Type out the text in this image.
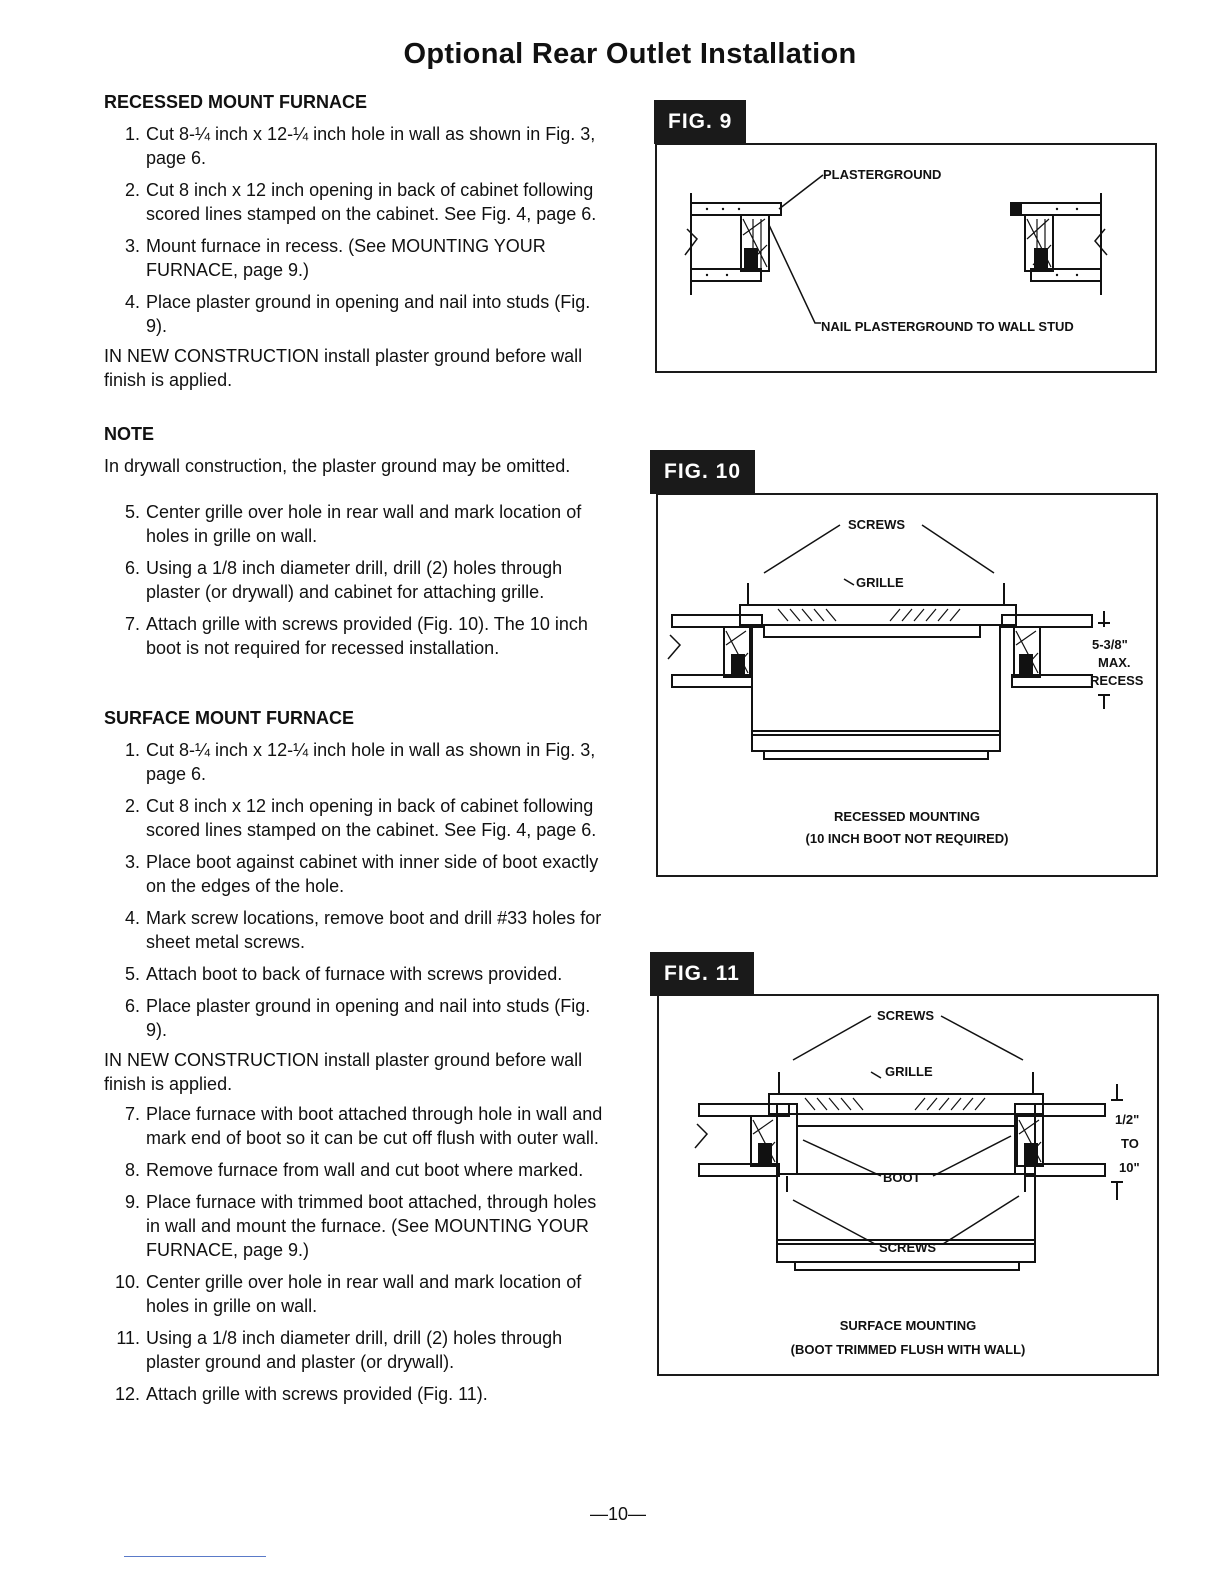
Optional Rear Outlet Installation

RECESSED MOUNT FURNACE

1. Cut 8-¼ inch x 12-¼ inch hole in wall as shown in Fig. 3, page 6.
2. Cut 8 inch x 12 inch opening in back of cabinet following scored lines stamped on the cabinet. See Fig. 4, page 6.
3. Mount furnace in recess. (See MOUNTING YOUR FURNACE, page 9.)
4. Place plaster ground in opening and nail into studs (Fig. 9).

IN NEW CONSTRUCTION install plaster ground before wall finish is applied.

NOTE

In drywall construction, the plaster ground may be omitted.

5. Center grille over hole in rear wall and mark location of holes in grille on wall.
6. Using a 1/8 inch diameter drill, drill (2) holes through plaster (or drywall) and cabinet for attaching grille.
7. Attach grille with screws provided (Fig. 10). The 10 inch boot is not required for recessed installation.

SURFACE MOUNT FURNACE

1. Cut 8-¼ inch x 12-¼ inch hole in wall as shown in Fig. 3, page 6.
2. Cut 8 inch x 12 inch opening in back of cabinet following scored lines stamped on the cabinet. See Fig. 4, page 6.
3. Place boot against cabinet with inner side of boot exactly on the edges of the hole.
4. Mark screw locations, remove boot and drill #33 holes for sheet metal screws.
5. Attach boot to back of furnace with screws provided.
6. Place plaster ground in opening and nail into studs (Fig. 9).

IN NEW CONSTRUCTION install plaster ground before wall finish is applied.

7. Place furnace with boot attached through hole in wall and mark end of boot so it can be cut off flush with outer wall.
8. Remove furnace from wall and cut boot where marked.
9. Place furnace with trimmed boot attached, through holes in wall and mount the furnace. (See MOUNTING YOUR FURNACE, page 9.)
10. Center grille over hole in rear wall and mark location of holes in grille on wall.
11. Using a 1/8 inch diameter drill, drill (2) holes through plaster ground and plaster (or drywall).
12. Attach grille with screws provided (Fig. 11).
FIG. 9
PLASTERGROUND
NAIL PLASTERGROUND TO WALL STUD
FIG. 10
SCREWS
GRILLE
5-3/8"
MAX.
RECESS
RECESSED MOUNTING
(10 INCH BOOT NOT REQUIRED)
FIG. 11
SCREWS
GRILLE
BOOT
SCREWS
1/2"
TO
10"
SURFACE MOUNTING
(BOOT TRIMMED FLUSH WITH WALL)
—10—
